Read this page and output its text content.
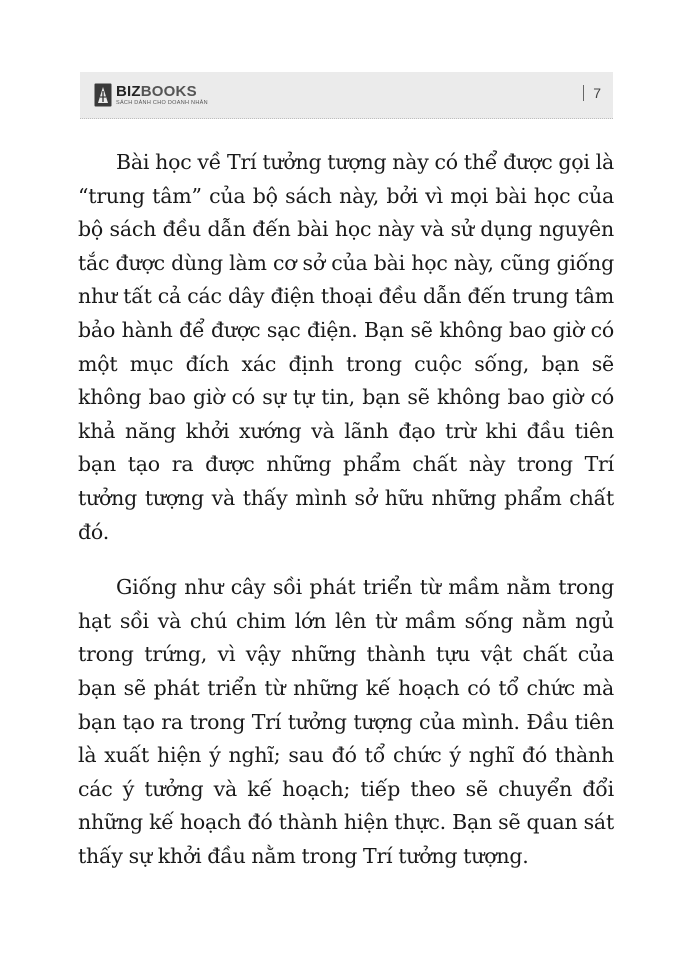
BIZBOOKS
SÁCH DÀNH CHO DOANH NHÂN
7

Bài học về Trí tưởng tượng này có thể được gọi là “trung tâm” của bộ sách này, bởi vì mọi bài học của bộ sách đều dẫn đến bài học này và sử dụng nguyên tắc được dùng làm cơ sở của bài học này, cũng giống như tất cả các dây điện thoại đều dẫn đến trung tâm bảo hành để được sạc điện. Bạn sẽ không bao giờ có một mục đích xác định trong cuộc sống, bạn sẽ không bao giờ có sự tự tin, bạn sẽ không bao giờ có khả năng khởi xướng và lãnh đạo trừ khi đầu tiên bạn tạo ra được những phẩm chất này trong Trí tưởng tượng và thấy mình sở hữu những phẩm chất đó.

Giống như cây sồi phát triển từ mầm nằm trong hạt sồi và chú chim lớn lên từ mầm sống nằm ngủ trong trứng, vì vậy những thành tựu vật chất của bạn sẽ phát triển từ những kế hoạch có tổ chức mà bạn tạo ra trong Trí tưởng tượng của mình. Đầu tiên là xuất hiện ý nghĩ; sau đó tổ chức ý nghĩ đó thành các ý tưởng và kế hoạch; tiếp theo sẽ chuyển đổi những kế hoạch đó thành hiện thực. Bạn sẽ quan sát thấy sự khởi đầu nằm trong Trí tưởng tượng.
